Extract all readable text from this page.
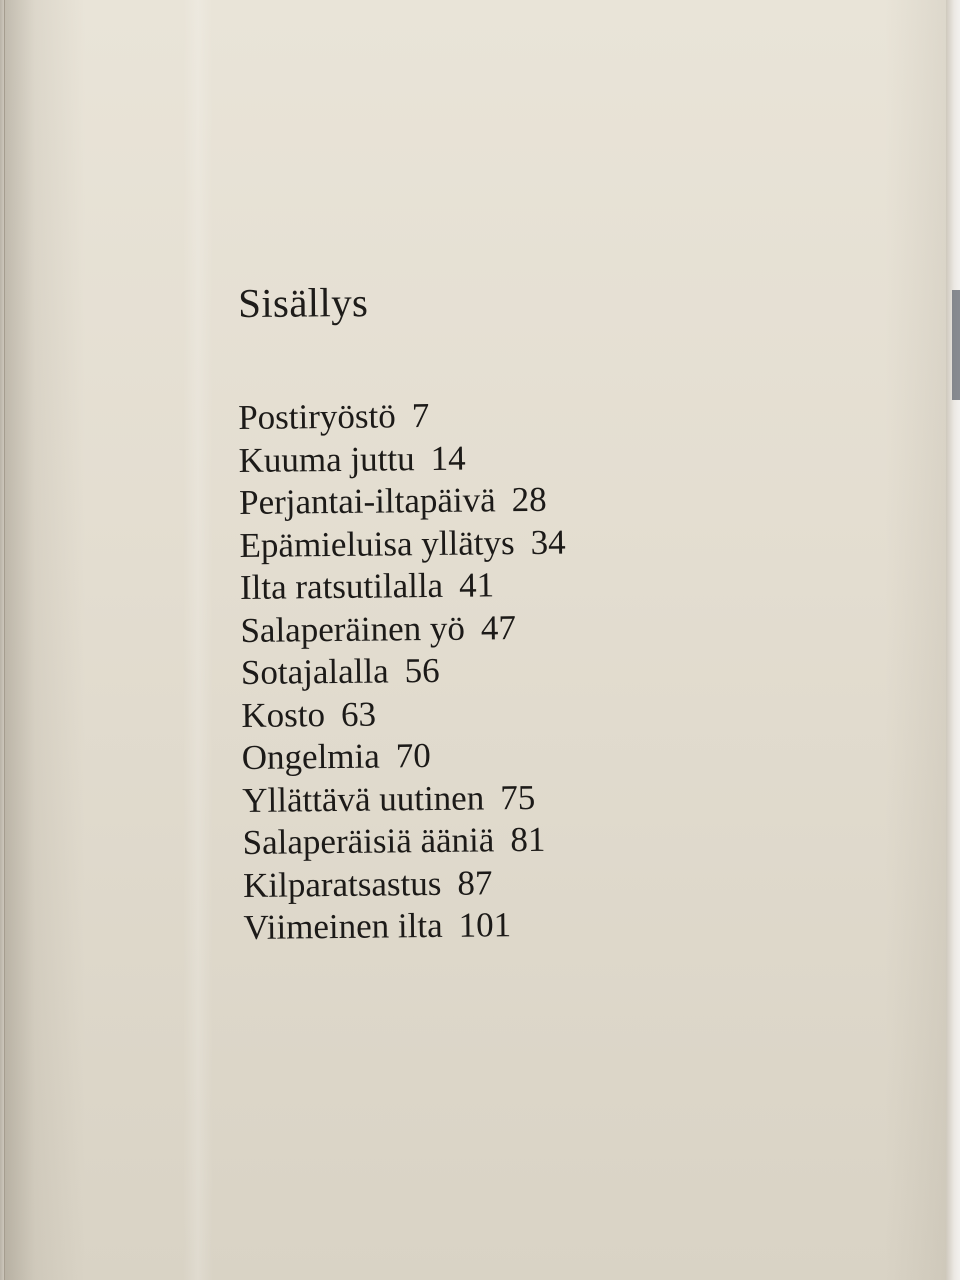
Sisällys
Postiryöstö 7
Kuuma juttu 14
Perjantai-iltapäivä 28
Epämieluisa yllätys 34
Ilta ratsutilalla 41
Salaperäinen yö 47
Sotajalalla 56
Kosto 63
Ongelmia 70
Yllättävä uutinen 75
Salaperäisiä ääniä 81
Kilparatsastus 87
Viimeinen ilta 101
